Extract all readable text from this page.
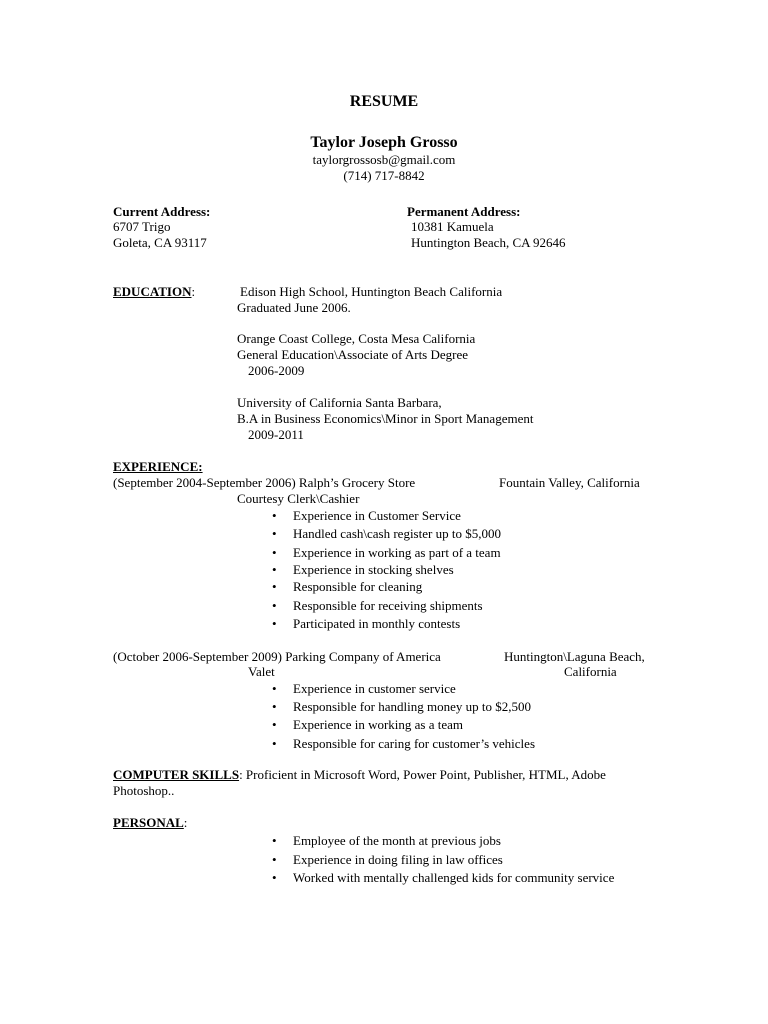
RESUME
Taylor Joseph Grosso
taylorgrossosb@gmail.com
(714) 717-8842
Current Address:
6707 Trigo
Goleta, CA 93117
Permanent Address:
10381 Kamuela
Huntington Beach, CA 92646
EDUCATION:	Edison High School, Huntington Beach California
Graduated June 2006.
Orange Coast College, Costa Mesa California
General Education\Associate of Arts Degree
2006-2009
University of California Santa Barbara,
B.A in Business Economics\Minor in Sport Management
2009-2011
EXPERIENCE:
(September 2004-September 2006) Ralph’s Grocery Store	Fountain Valley, California
Courtesy Clerk\Cashier
• Experience in Customer Service
• Handled cash\cash register up to $5,000
• Experience in working as part of a team
• Experience in stocking shelves
• Responsible for cleaning
• Responsible for receiving shipments
• Participated in monthly contests
(October 2006-September 2009) Parking Company of America	Huntington\Laguna Beach,
Valet	California
• Experience in customer service
• Responsible for handling money up to $2,500
• Experience in working as a team
• Responsible for caring for customer’s vehicles
COMPUTER SKILLS: Proficient in Microsoft Word, Power Point, Publisher, HTML, Adobe
Photoshop..
PERSONAL:
• Employee of the month at previous jobs
• Experience in doing filing in law offices
• Worked with mentally challenged kids for community service
